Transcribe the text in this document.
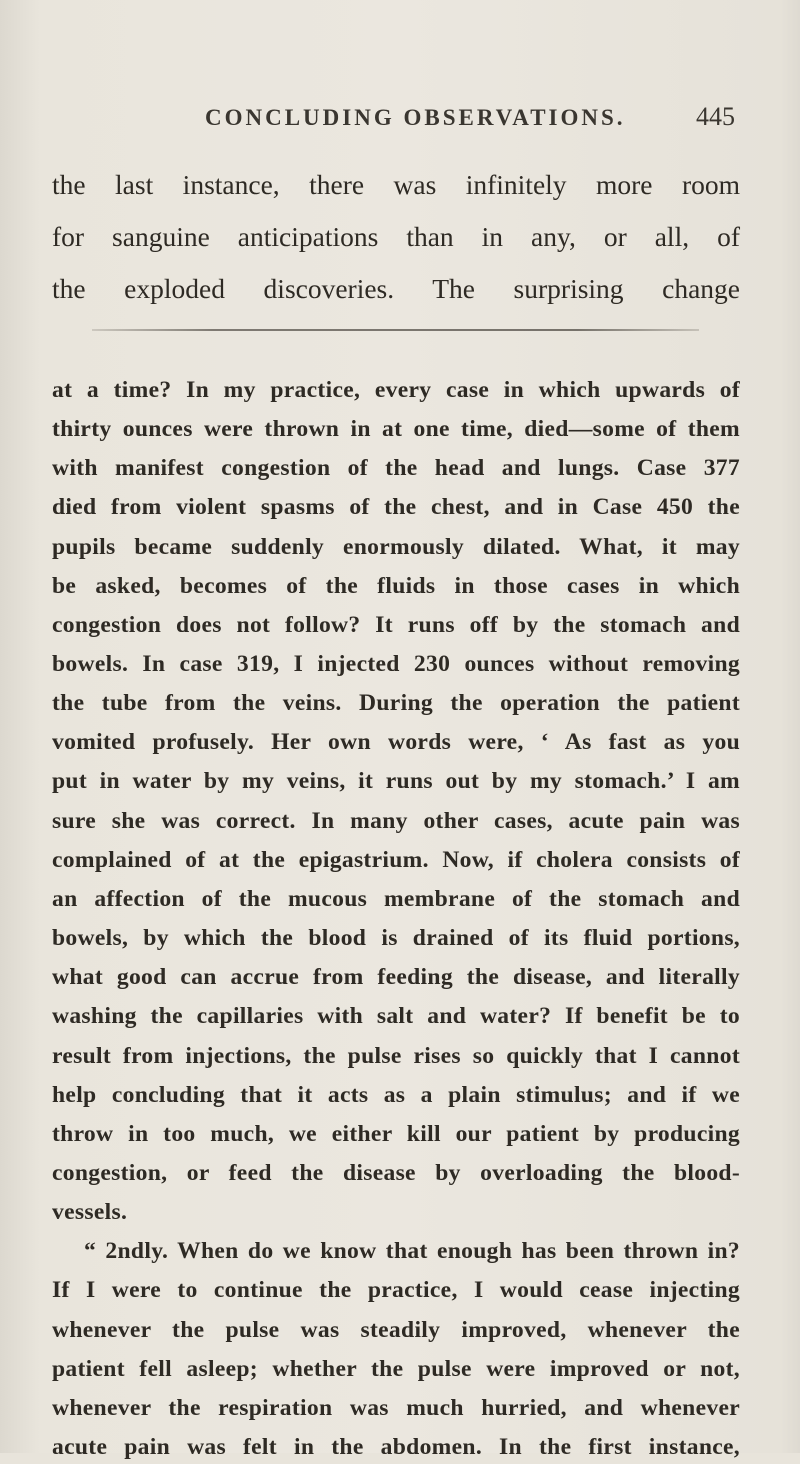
CONCLUDING OBSERVATIONS.	445
the last instance, there was infinitely more room
for sanguine anticipations than in any, or all, of
the exploded discoveries. The surprising change
at a time? In my practice, every case in which upwards of
thirty ounces were thrown in at one time, died—some of them
with manifest congestion of the head and lungs. Case 377
died from violent spasms of the chest, and in Case 450 the
pupils became suddenly enormously dilated. What, it may
be asked, becomes of the fluids in those cases in which
congestion does not follow? It runs off by the stomach and
bowels. In case 319, I injected 230 ounces without removing
the tube from the veins. During the operation the patient
vomited profusely. Her own words were, ‘ As fast as you
put in water by my veins, it runs out by my stomach.’ I am
sure she was correct. In many other cases, acute pain was
complained of at the epigastrium. Now, if cholera consists of
an affection of the mucous membrane of the stomach and
bowels, by which the blood is drained of its fluid portions,
what good can accrue from feeding the disease, and literally
washing the capillaries with salt and water? If benefit be to
result from injections, the pulse rises so quickly that I cannot
help concluding that it acts as a plain stimulus; and if we
throw in too much, we either kill our patient by producing
congestion, or feed the disease by overloading the blood-
vessels.
“ 2ndly. When do we know that enough has been thrown in?
If I were to continue the practice, I would cease injecting
whenever the pulse was steadily improved, whenever the
patient fell asleep; whether the pulse were improved or not,
whenever the respiration was much hurried, and whenever
acute pain was felt in the abdomen. In the first instance,
